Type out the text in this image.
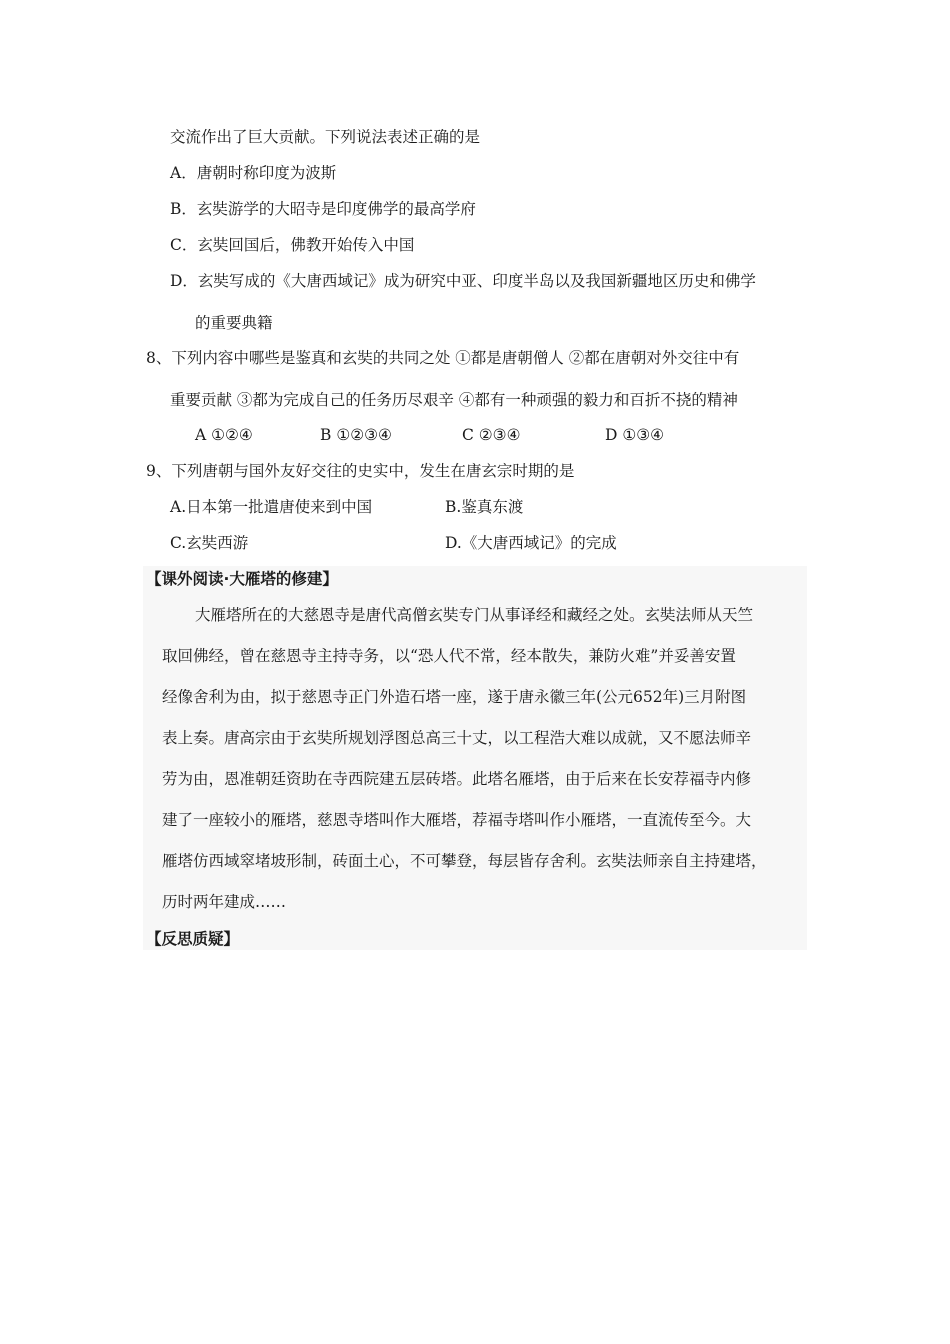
交流作出了巨大贡献。下列说法表述正确的是
A．唐朝时称印度为波斯
B．玄奘游学的大昭寺是印度佛学的最高学府
C．玄奘回国后，佛教开始传入中国
D．玄奘写成的《大唐西域记》成为研究中亚、印度半岛以及我国新疆地区历史和佛学
的重要典籍
8、下列内容中哪些是鉴真和玄奘的共同之处 ①都是唐朝僧人 ②都在唐朝对外交往中有
重要贡献 ③都为完成自己的任务历尽艰辛 ④都有一种顽强的毅力和百折不挠的精神
A ①②④	B ①②③④	C ②③④	D ①③④
9、下列唐朝与国外友好交往的史实中，发生在唐玄宗时期的是
A.日本第一批遣唐使来到中国	B.鉴真东渡
C.玄奘西游	D.《大唐西域记》的完成
【课外阅读·大雁塔的修建】
大雁塔所在的大慈恩寺是唐代高僧玄奘专门从事译经和藏经之处。玄奘法师从天竺
取回佛经，曾在慈恩寺主持寺务，以“恐人代不常，经本散失，兼防火难”并妥善安置
经像舍利为由，拟于慈恩寺正门外造石塔一座，遂于唐永徽三年(公元652年)三月附图
表上奏。唐高宗由于玄奘所规划浮图总高三十丈，以工程浩大难以成就，又不愿法师辛
劳为由，恩准朝廷资助在寺西院建五层砖塔。此塔名雁塔，由于后来在长安荐福寺内修
建了一座较小的雁塔，慈恩寺塔叫作大雁塔，荐福寺塔叫作小雁塔，一直流传至今。大
雁塔仿西域窣堵坡形制，砖面土心，不可攀登，每层皆存舍利。玄奘法师亲自主持建塔，
历时两年建成……
【反思质疑】
